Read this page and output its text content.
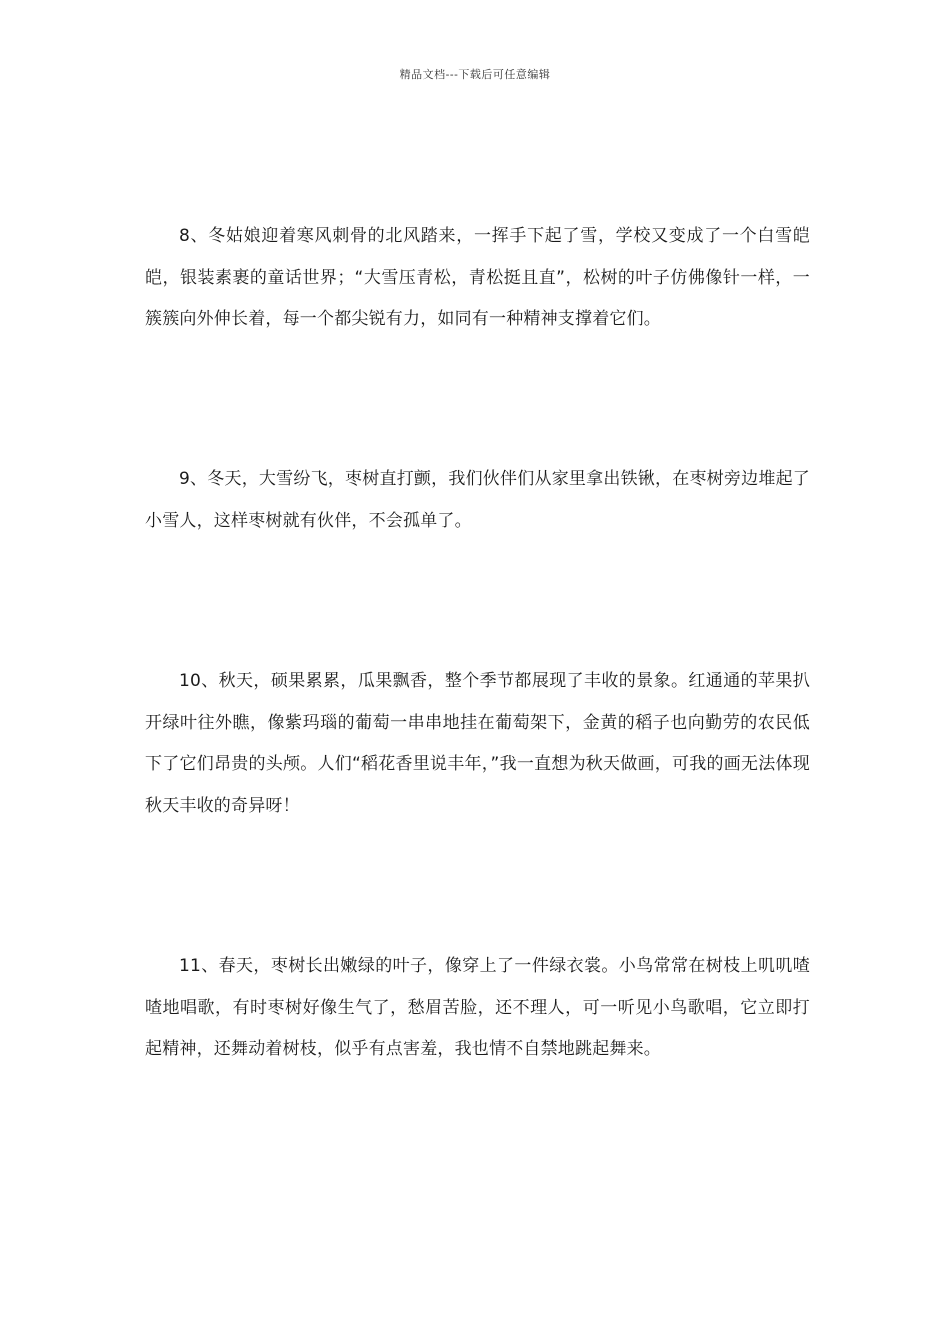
精品文档---下载后可任意编辑

8、冬姑娘迎着寒风刺骨的北风踏来，一挥手下起了雪，学校又变成了一个白雪皑皑，银装素裹的童话世界；“大雪压青松，青松挺且直”，松树的叶子仿佛像针一样，一簇簇向外伸长着，每一个都尖锐有力，如同有一种精神支撑着它们。

9、冬天，大雪纷飞，枣树直打颤，我们伙伴们从家里拿出铁锹，在枣树旁边堆起了小雪人，这样枣树就有伙伴，不会孤单了。

10、秋天，硕果累累，瓜果飘香，整个季节都展现了丰收的景象。红通通的苹果扒开绿叶往外瞧，像紫玛瑙的葡萄一串串地挂在葡萄架下，金黄的稻子也向勤劳的农民低下了它们昂贵的头颅。人们“稻花香里说丰年，”我一直想为秋天做画，可我的画无法体现秋天丰收的奇异呀！

11、春天，枣树长出嫩绿的叶子，像穿上了一件绿衣裳。小鸟常常在树枝上叽叽喳喳地唱歌，有时枣树好像生气了，愁眉苦脸，还不理人，可一听见小鸟歌唱，它立即打起精神，还舞动着树枝，似乎有点害羞，我也情不自禁地跳起舞来。
